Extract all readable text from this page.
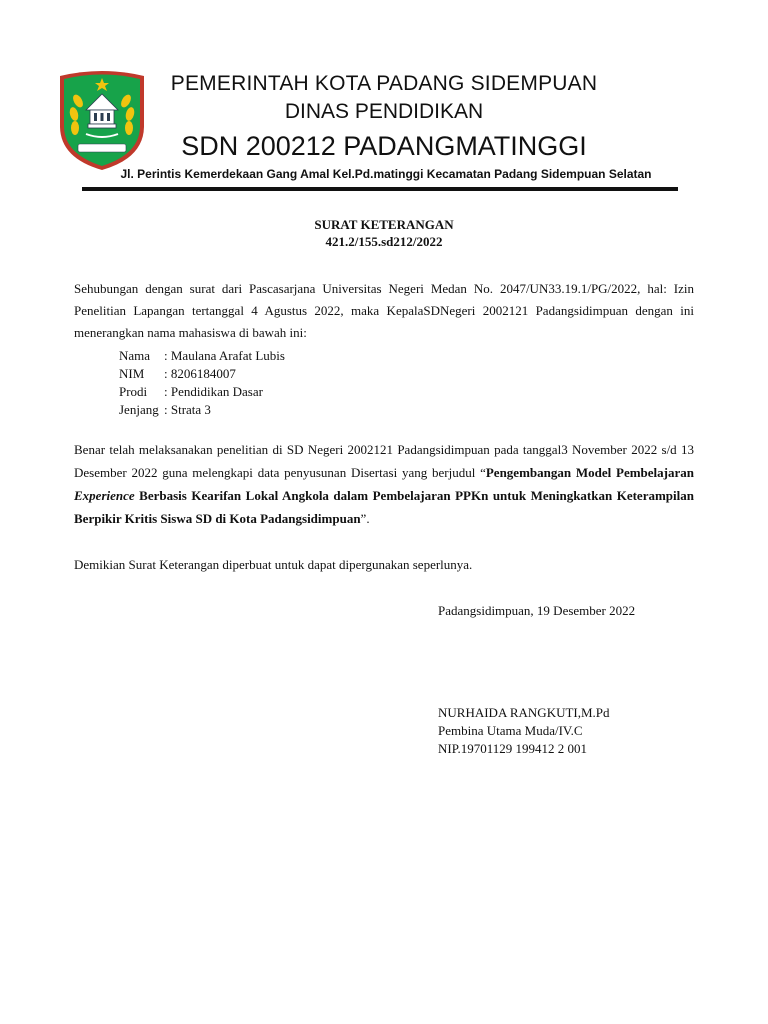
PEMERINTAH KOTA PADANG SIDEMPUAN
DINAS PENDIDIKAN
SDN 200212 PADANGMATINGGI
Jl. Perintis Kemerdekaan Gang Amal Kel.Pd.matinggi Kecamatan Padang Sidempuan Selatan
SURAT KETERANGAN
421.2/155.sd212/2022
Sehubungan dengan surat dari Pascasarjana Universitas Negeri Medan No. 2047/UN33.19.1/PG/2022, hal: Izin Penelitian Lapangan tertanggal 4 Agustus 2022, maka KepalaSDNegeri 2002121 Padangsidimpuan dengan ini menerangkan nama mahasiswa di bawah ini:
Nama	: Maulana Arafat Lubis
NIM	: 8206184007
Prodi	: Pendidikan Dasar
Jenjang : Strata 3
Benar telah melaksanakan penelitian di SD Negeri 2002121 Padangsidimpuan pada tanggal3 November 2022 s/d 13 Desember 2022 guna melengkapi data penyusunan Disertasi yang berjudul “Pengembangan Model Pembelajaran Experience Berbasis Kearifan Lokal Angkola dalam Pembelajaran PPKn untuk Meningkatkan Keterampilan Berpikir Kritis Siswa SD di Kota Padangsidimpuan”.
Demikian Surat Keterangan diperbuat untuk dapat dipergunakan seperlunya.
Padangsidimpuan, 19 Desember 2022
NURHAIDA RANGKUTI,M.Pd
Pembina Utama Muda/IV.C
NIP.19701129 199412 2 001
